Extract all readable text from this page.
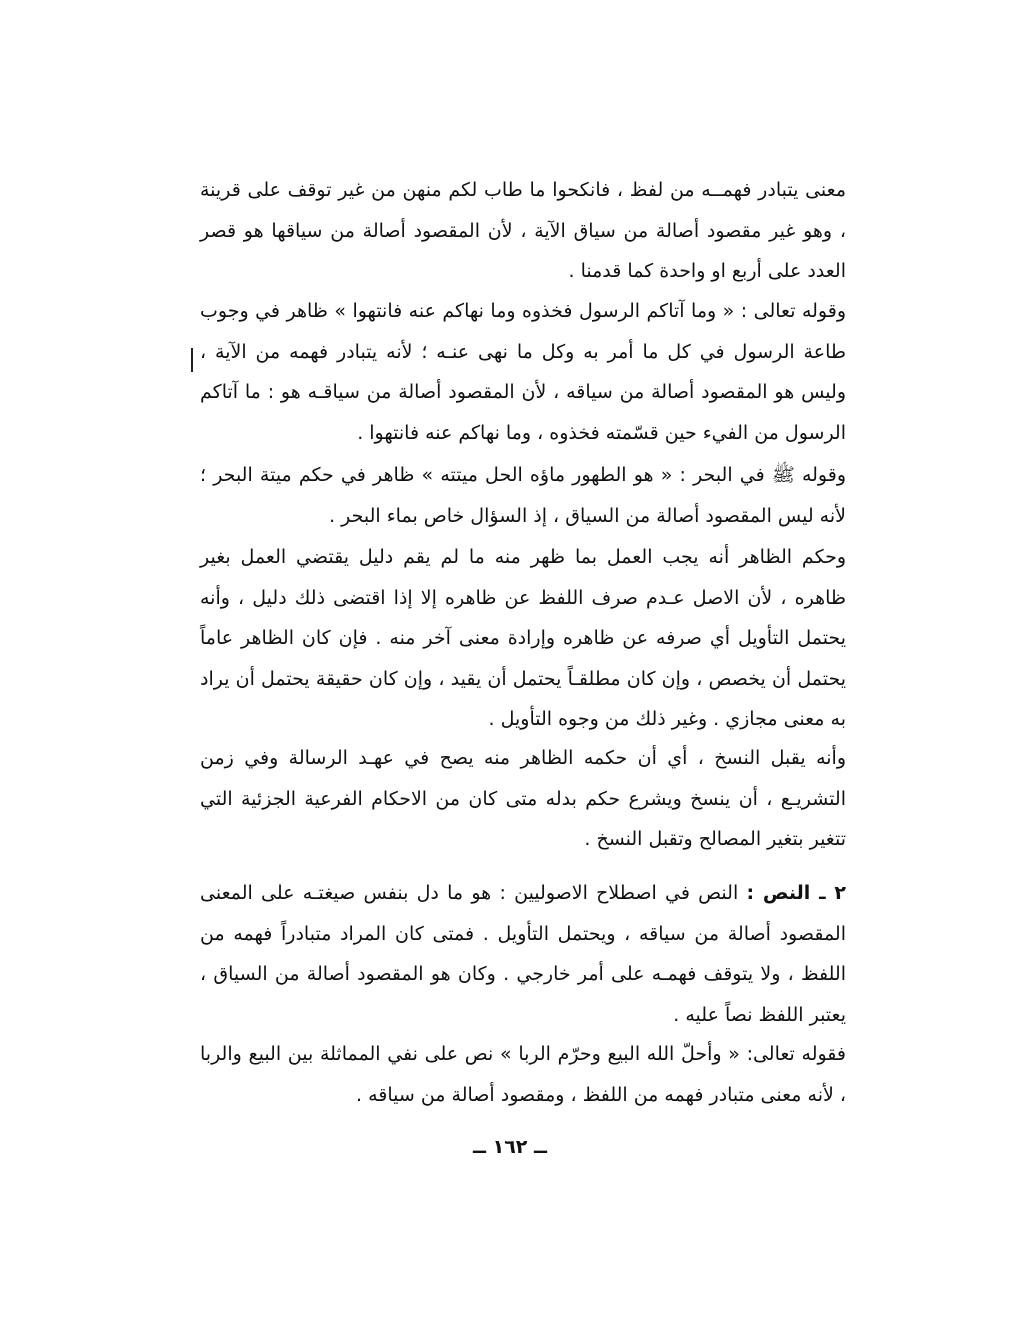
معنى يتبادر فهمــه من لفظ ، فانكحوا ما طاب لكم منهن من غير توقف على قرينة ، وهو غير مقصود أصالة من سياق الآية ، لأن المقصود أصالة من سياقها هو قصر العدد على أربع او واحدة كما قدمنا .

وقوله تعالى : « وما آتاكم الرسول فخذوه وما نهاكم عنه فانتهوا » ظاهر في وجوب طاعة الرسول في كل ما أمر به وكل ما نهى عنـه ؛ لأنه يتبادر فهمه من الآية ، وليس هو المقصود أصالة من سياقه ، لأن المقصود أصالة من سياقـه هو : ما آتاكم الرسول من الفيء حين قسّمته فخذوه ، وما نهاكم عنه فانتهوا .

وقوله ﷺ في البحر : « هو الطهور ماؤه الحل ميتته » ظاهر في حكم ميتة البحر ؛ لأنه ليس المقصود أصالة من السياق ، إذ السؤال خاص بماء البحر .

وحكم الظاهر أنه يجب العمل بما ظهر منه ما لم يقم دليل يقتضي العمل بغير ظاهره ، لأن الاصل عـدم صرف اللفظ عن ظاهره إلا إذا اقتضى ذلك دليل ، وأنه يحتمل التأويل أي صرفه عن ظاهره وإرادة معنى آخر منه . فإن كان الظاهر عاماً يحتمل أن يخصص ، وإن كان مطلقـاً يحتمل أن يقيد ، وإن كان حقيقة يحتمل أن يراد به معنى مجازي . وغير ذلك من وجوه التأويل .

وأنه يقبل النسخ ، أي أن حكمه الظاهر منه يصح في عهـد الرسالة وفي زمن التشريـع ، أن ينسخ ويشرع حكم بدله متى كان من الاحكام الفرعية الجزئية التي تتغير بتغير المصالح وتقبل النسخ .

٢ ـ النص : النص في اصطلاح الاصوليين : هو ما دل بنفس صيغتـه على المعنى المقصود أصالة من سياقه ، ويحتمل التأويل . فمتى كان المراد متبادراً فهمه من اللفظ ، ولا يتوقف فهمـه على أمر خارجي . وكان هو المقصود أصالة من السياق ، يعتبر اللفظ نصاً عليه .

فقوله تعالى: « وأحلّ الله البيع وحرّم الربا » نص على نفي المماثلة بين البيع والربا ، لأنه معنى متبادر فهمه من اللفظ ، ومقصود أصالة من سياقه .

ــ ١٦٢ ــ
